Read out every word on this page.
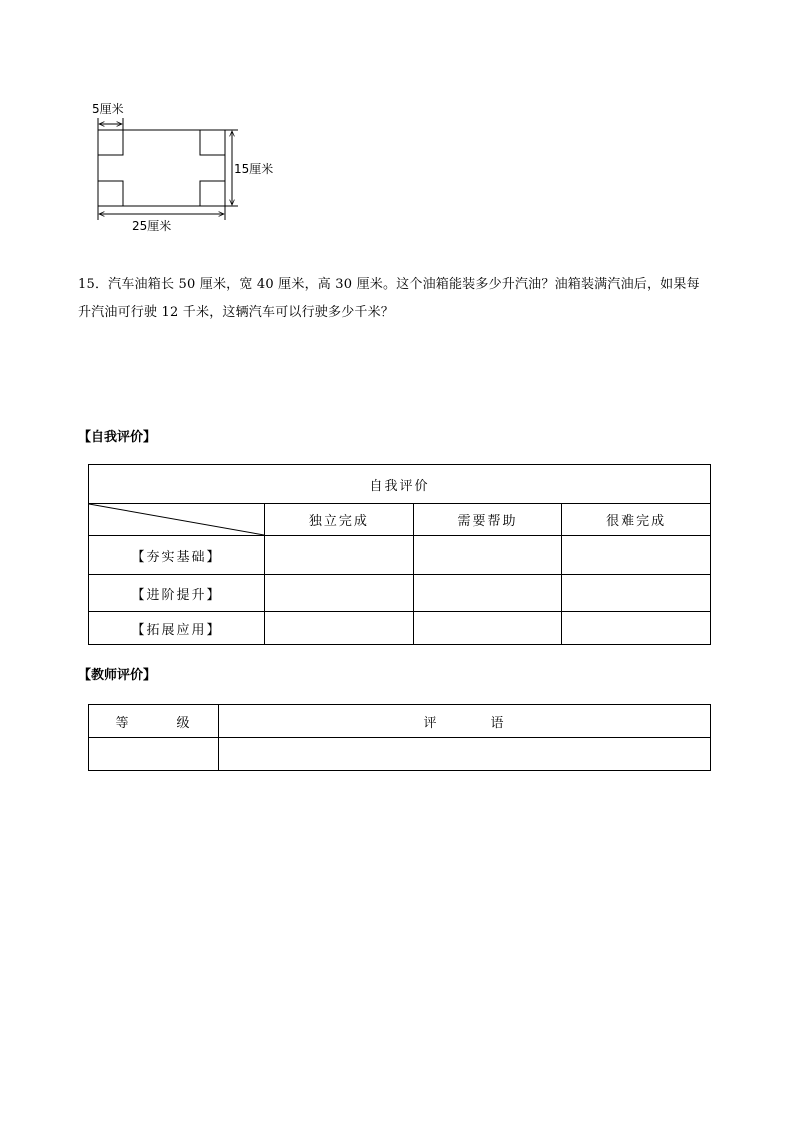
5厘米
15厘米
25厘米
15．汽车油箱长 50 厘米，宽 40 厘米，高 30 厘米。这个油箱能装多少升汽油？油箱装满汽油后，如果每
升汽油可行驶 12 千米，这辆汽车可以行驶多少千米？
【自我评价】
自我评价			

	独立完成	需要帮助	很难完成
【夯实基础】			
【进阶提升】			
【拓展应用】			
【教师评价】
等 级	评 语
